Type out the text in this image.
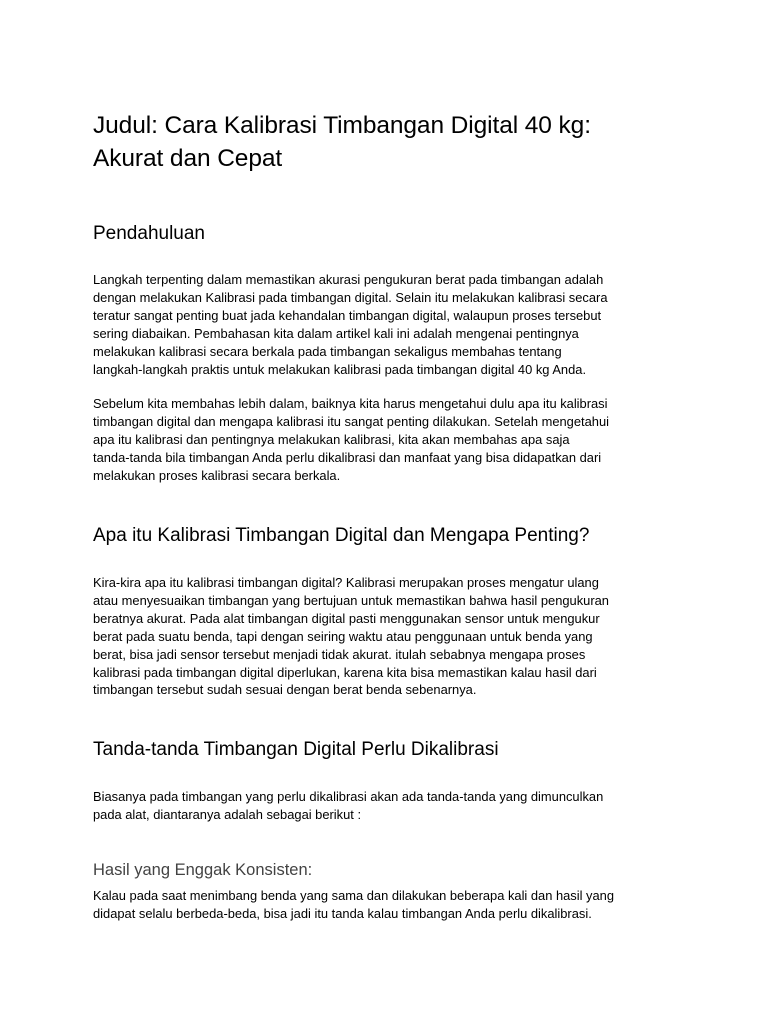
Judul: Cara Kalibrasi Timbangan Digital 40 kg:
Akurat dan Cepat
Pendahuluan

Langkah terpenting dalam memastikan akurasi pengukuran berat pada timbangan adalah
dengan melakukan Kalibrasi pada timbangan digital. Selain itu melakukan kalibrasi secara
teratur sangat penting buat jada kehandalan timbangan digital, walaupun proses tersebut
sering diabaikan. Pembahasan kita dalam artikel kali ini adalah mengenai pentingnya
melakukan kalibrasi secara berkala pada timbangan sekaligus membahas tentang
langkah-langkah praktis untuk melakukan kalibrasi pada timbangan digital 40 kg Anda.

Sebelum kita membahas lebih dalam, baiknya kita harus mengetahui dulu apa itu kalibrasi
timbangan digital dan mengapa kalibrasi itu sangat penting dilakukan. Setelah mengetahui
apa itu kalibrasi dan pentingnya melakukan kalibrasi, kita akan membahas apa saja
tanda-tanda bila timbangan Anda perlu dikalibrasi dan manfaat yang bisa didapatkan dari
melakukan proses kalibrasi secara berkala.

Apa itu Kalibrasi Timbangan Digital dan Mengapa Penting?

Kira-kira apa itu kalibrasi timbangan digital? Kalibrasi merupakan proses mengatur ulang
atau menyesuaikan timbangan yang bertujuan untuk memastikan bahwa hasil pengukuran
beratnya akurat. Pada alat timbangan digital pasti menggunakan sensor untuk mengukur
berat pada suatu benda, tapi dengan seiring waktu atau penggunaan untuk benda yang
berat, bisa jadi sensor tersebut menjadi tidak akurat. itulah sebabnya mengapa proses
kalibrasi pada timbangan digital diperlukan, karena kita bisa memastikan kalau hasil dari
timbangan tersebut sudah sesuai dengan berat benda sebenarnya.

Tanda-tanda Timbangan Digital Perlu Dikalibrasi

Biasanya pada timbangan yang perlu dikalibrasi akan ada tanda-tanda yang dimunculkan
pada alat, diantaranya adalah sebagai berikut :

Hasil yang Enggak Konsisten:

Kalau pada saat menimbang benda yang sama dan dilakukan beberapa kali dan hasil yang
didapat selalu berbeda-beda, bisa jadi itu tanda kalau timbangan Anda perlu dikalibrasi.
